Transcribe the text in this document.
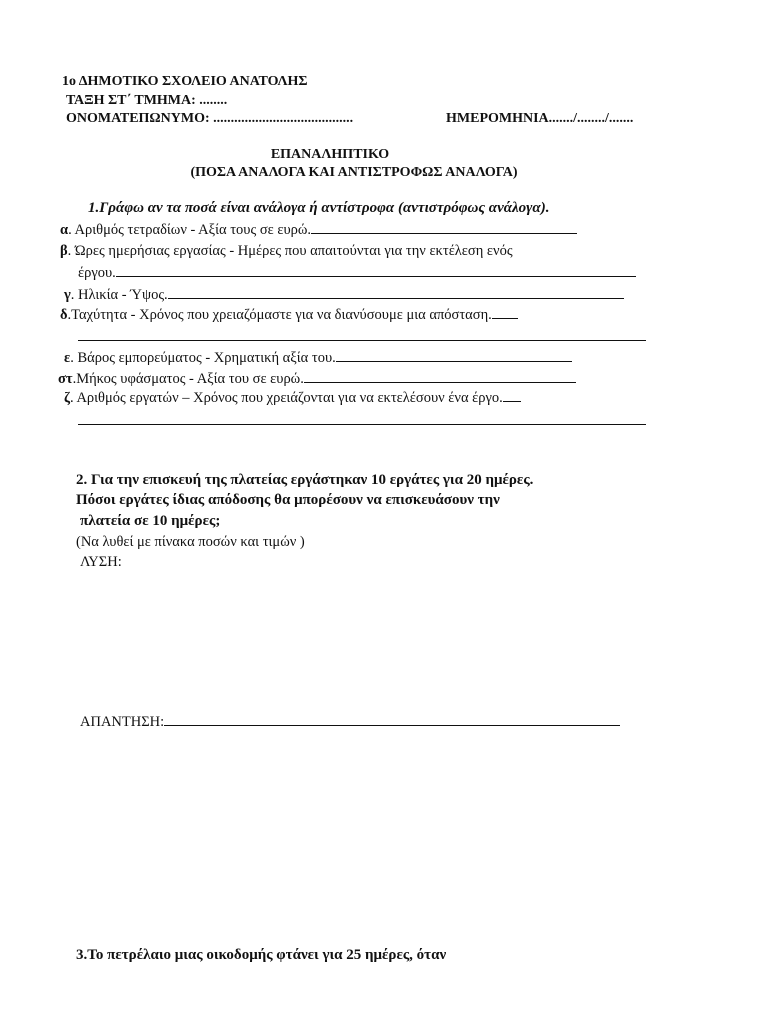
1ο ΔΗΜΟΤΙΚΟ ΣΧΟΛΕΙΟ ΑΝΑΤΟΛΗΣ
ΤΑΞΗ ΣΤ΄ ΤΜΗΜΑ: ........
ΟΝΟΜΑΤΕΠΩΝΥΜΟ: ........................................	ΗΜΕΡΟΜΗΝΙΑ......./......../.......
ΕΠΑΝΑΛΗΠΤΙΚΟ
(ΠΟΣΑ ΑΝΑΛΟΓΑ ΚΑΙ ΑΝΤΙΣΤΡΟΦΩΣ ΑΝΑΛΟΓΑ)
1.Γράφω αν τα ποσά είναι ανάλογα ή αντίστροφα (αντιστρόφως ανάλογα).
α. Αριθμός τετραδίων - Αξία τους σε ευρώ.
β. Ώρες ημερήσιας εργασίας - Ημέρες που απαιτούνται για την εκτέλεση ενός
έργου.
γ. Ηλικία - Ύψος.
δ.Ταχύτητα - Χρόνος που χρειαζόμαστε για να διανύσουμε μια απόσταση.
ε. Βάρος εμπορεύματος - Χρηματική αξία του.
στ.Μήκος υφάσματος - Αξία του σε ευρώ.
ζ. Αριθμός εργατών – Χρόνος που χρειάζονται για να εκτελέσουν ένα έργο.
2. Για την επισκευή της πλατείας εργάστηκαν 10 εργάτες για 20 ημέρες.
Πόσοι εργάτες ίδιας απόδοσης θα μπορέσουν να επισκευάσουν την
πλατεία σε 10 ημέρες;
(Να λυθεί με πίνακα ποσών και τιμών )
ΛΥΣΗ:
ΑΠΑΝΤΗΣΗ:
3.Το πετρέλαιο μιας οικοδομής φτάνει για 25 ημέρες, όταν
